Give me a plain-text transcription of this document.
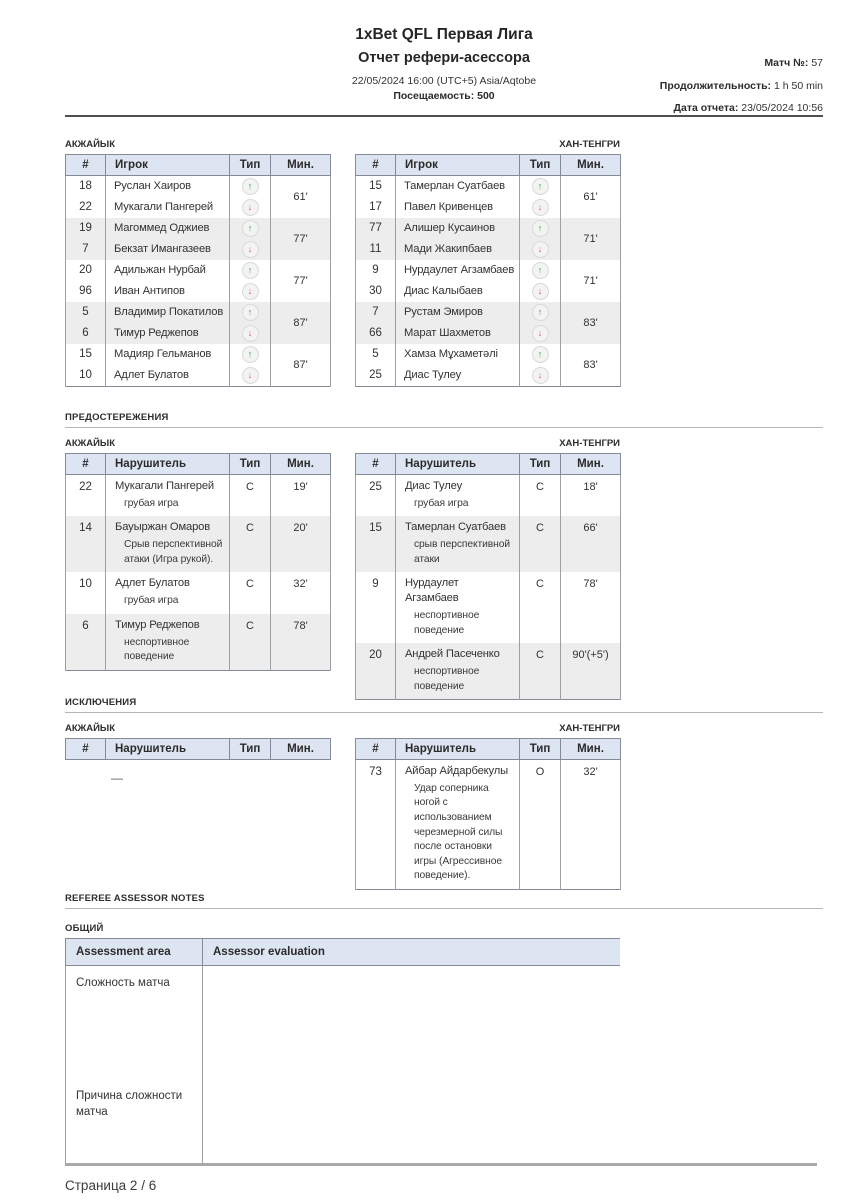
1xBet QFL Первая Лига
Отчет рефери-асессора
22/05/2024 16:00 (UTC+5) Asia/Aqtobe
Посещаемость: 500
Матч №: 57
Продолжительность: 1 h 50 min
Дата отчета: 23/05/2024 10:56
АКЖАЙЫК
#	Игрок	Тип	Мин.
18	Руслан Хаиров	↑	61'
22	Мукагали Пангерей	↓	
19	Магоммед Оджиев	↑	77'
7	Бекзат Имангазеев	↓	
20	Адильжан Нурбай	↑	77'
96	Иван Антипов	↓	
5	Владимир Покатилов	↑	87'
6	Тимур Реджепов	↓	
15	Мадияр Гельманов	↑	87'
10	Адлет Булатов	↓	
ХАН-ТЕНГРИ
#	Игрок	Тип	Мин.
15	Тамерлан Суатбаев	↑	61'
17	Павел Кривенцев	↓	
77	Алишер Кусаинов	↑	71'
11	Мади Жакипбаев	↓	
9	Нурдаулет Агзамбаев	↑	71'
30	Диас Калыбаев	↓	
7	Рустам Эмиров	↑	83'
66	Марат Шахметов	↓	
5	Хамза Мұхаметәлі	↑	83'
25	Диас Тулеу	↓	
ПРЕДОСТЕРЕЖЕНИЯ
АКЖАЙЫК
#	Нарушитель	Тип	Мин.
22	Мукагали Пангерей
грубая игра	С	19'
14	Бауыржан Омаров
Срыв перспективной атаки (Игра рукой).	С	20'
10	Адлет Булатов
грубая игра	С	32'
6	Тимур Реджепов
неспортивное поведение	С	78'
ХАН-ТЕНГРИ
#	Нарушитель	Тип	Мин.
25	Диас Тулеу
грубая игра	С	18'
15	Тамерлан Суатбаев
срыв перспективной атаки	С	66'
9	Нурдаулет Агзамбаев
неспортивное поведение	С	78'
20	Андрей Пасеченко
неспортивное поведение	С	90'(+5')
ИСКЛЮЧЕНИЯ
АКЖАЙЫК
#	Нарушитель	Тип	Мин.
—
ХАН-ТЕНГРИ
#	Нарушитель	Тип	Мин.
73	Айбар Айдарбекулы
Удар соперника ногой с использованием черезмерной силы после остановки игры (Агрессивное поведение).	О	32'
REFEREE ASSESSOR NOTES
ОБЩИЙ
Assessment area	Assessor evaluation
Сложность матча	
Причина сложности матча	
Страница 2 / 6
